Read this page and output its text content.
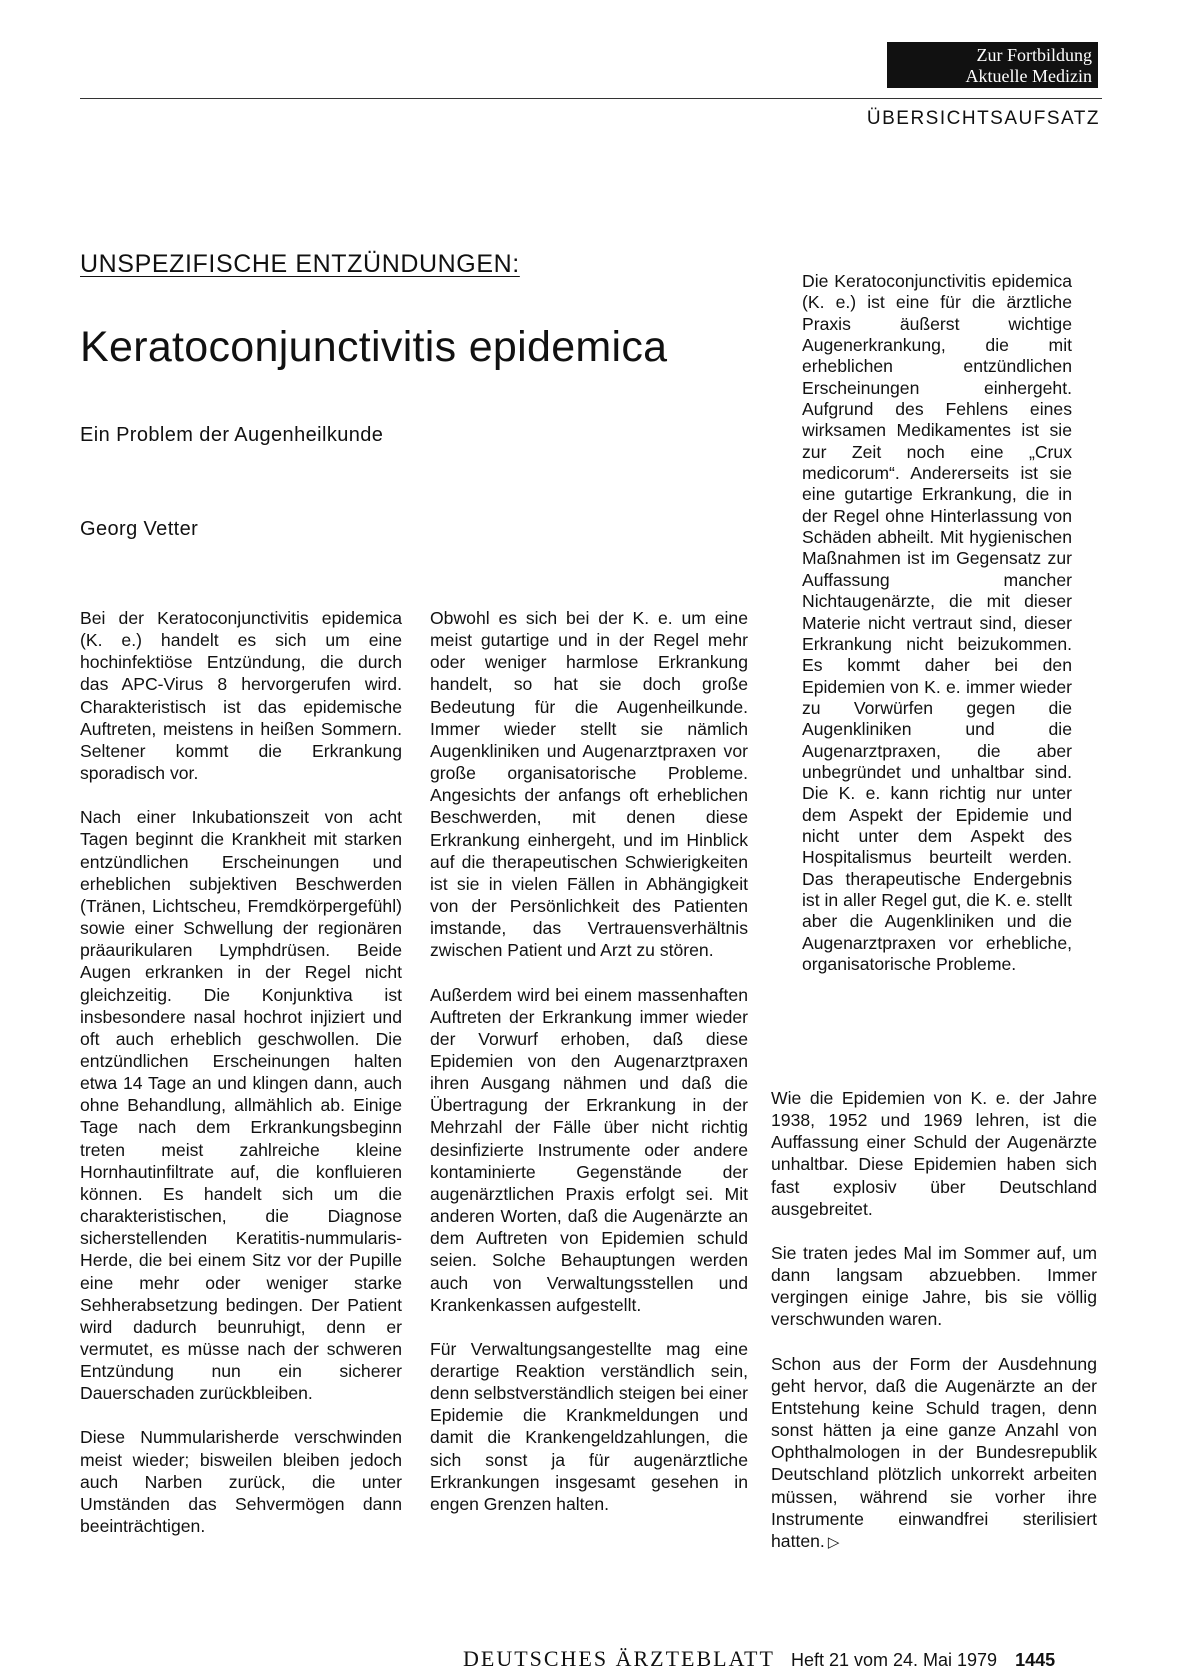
Zur Fortbildung
Aktuelle Medizin
ÜBERSICHTSAUFSATZ
UNSPEZIFISCHE ENTZÜNDUNGEN:
Keratoconjunctivitis epidemica
Ein Problem der Augenheilkunde
Georg Vetter

Bei der Keratoconjunctivitis epidemica (K. e.) handelt es sich um eine hochinfektiöse Entzündung, die durch das APC-Virus 8 hervorgerufen wird. Charakteristisch ist das epidemische Auftreten, meistens in heißen Sommern. Seltener kommt die Erkrankung sporadisch vor.

Nach einer Inkubationszeit von acht Tagen beginnt die Krankheit mit starken entzündlichen Erscheinungen und erheblichen subjektiven Beschwerden (Tränen, Lichtscheu, Fremdkörpergefühl) sowie einer Schwellung der regionären präaurikularen Lymphdrüsen. Beide Augen erkranken in der Regel nicht gleichzeitig. Die Konjunktiva ist insbesondere nasal hochrot injiziert und oft auch erheblich geschwollen. Die entzündlichen Erscheinungen halten etwa 14 Tage an und klingen dann, auch ohne Behandlung, allmählich ab. Einige Tage nach dem Erkrankungsbeginn treten meist zahlreiche kleine Hornhautinfiltrate auf, die konfluieren können. Es handelt sich um die charakteristischen, die Diagnose sicherstellenden Keratitis-nummularis-Herde, die bei einem Sitz vor der Pupille eine mehr oder weniger starke Sehherabsetzung bedingen. Der Patient wird dadurch beunruhigt, denn er vermutet, es müsse nach der schweren Entzündung nun ein sicherer Dauerschaden zurückbleiben.

Diese Nummularisherde verschwinden meist wieder; bisweilen bleiben jedoch auch Narben zurück, die unter Umständen das Sehvermögen dann beeinträchtigen.

Obwohl es sich bei der K. e. um eine meist gutartige und in der Regel mehr oder weniger harmlose Erkrankung handelt, so hat sie doch große Bedeutung für die Augenheilkunde. Immer wieder stellt sie nämlich Augenkliniken und Augenarztpraxen vor große organisatorische Probleme. Angesichts der anfangs oft erheblichen Beschwerden, mit denen diese Erkrankung einhergeht, und im Hinblick auf die therapeutischen Schwierigkeiten ist sie in vielen Fällen in Abhängigkeit von der Persönlichkeit des Patienten imstande, das Vertrauensverhältnis zwischen Patient und Arzt zu stören.

Außerdem wird bei einem massenhaften Auftreten der Erkrankung immer wieder der Vorwurf erhoben, daß diese Epidemien von den Augenarztpraxen ihren Ausgang nähmen und daß die Übertragung der Erkrankung in der Mehrzahl der Fälle über nicht richtig desinfizierte Instrumente oder andere kontaminierte Gegenstände der augenärztlichen Praxis erfolgt sei. Mit anderen Worten, daß die Augenärzte an dem Auftreten von Epidemien schuld seien. Solche Behauptungen werden auch von Verwaltungsstellen und Krankenkassen aufgestellt.

Für Verwaltungsangestellte mag eine derartige Reaktion verständlich sein, denn selbstverständlich steigen bei einer Epidemie die Krankmeldungen und damit die Krankengeldzahlungen, die sich sonst ja für augenärztliche Erkrankungen insgesamt gesehen in engen Grenzen halten.

Die Keratoconjunctivitis epidemica (K. e.) ist eine für die ärztliche Praxis äußerst wichtige Augenerkrankung, die mit erheblichen entzündlichen Erscheinungen einhergeht. Aufgrund des Fehlens eines wirksamen Medikamentes ist sie zur Zeit noch eine „Crux medicorum“. Andererseits ist sie eine gutartige Erkrankung, die in der Regel ohne Hinterlassung von Schäden abheilt. Mit hygienischen Maßnahmen ist im Gegensatz zur Auffassung mancher Nichtaugenärzte, die mit dieser Materie nicht vertraut sind, dieser Erkrankung nicht beizukommen. Es kommt daher bei den Epidemien von K. e. immer wieder zu Vorwürfen gegen die Augenkliniken und die Augenarztpraxen, die aber unbegründet und unhaltbar sind. Die K. e. kann richtig nur unter dem Aspekt der Epidemie und nicht unter dem Aspekt des Hospitalismus beurteilt werden. Das therapeutische Endergebnis ist in aller Regel gut, die K. e. stellt aber die Augenkliniken und die Augenarztpraxen vor erhebliche, organisatorische Probleme.

Wie die Epidemien von K. e. der Jahre 1938, 1952 und 1969 lehren, ist die Auffassung einer Schuld der Augenärzte unhaltbar. Diese Epidemien haben sich fast explosiv über Deutschland ausgebreitet.

Sie traten jedes Mal im Sommer auf, um dann langsam abzuebben. Immer vergingen einige Jahre, bis sie völlig verschwunden waren.

Schon aus der Form der Ausdehnung geht hervor, daß die Augenärzte an der Entstehung keine Schuld tragen, denn sonst hätten ja eine ganze Anzahl von Ophthalmologen in der Bundesrepublik Deutschland plötzlich unkorrekt arbeiten müssen, während sie vorher ihre Instrumente einwandfrei sterilisiert hatten. ▷

DEUTSCHES ÄRZTEBLATT Heft 21 vom 24. Mai 1979 1445
